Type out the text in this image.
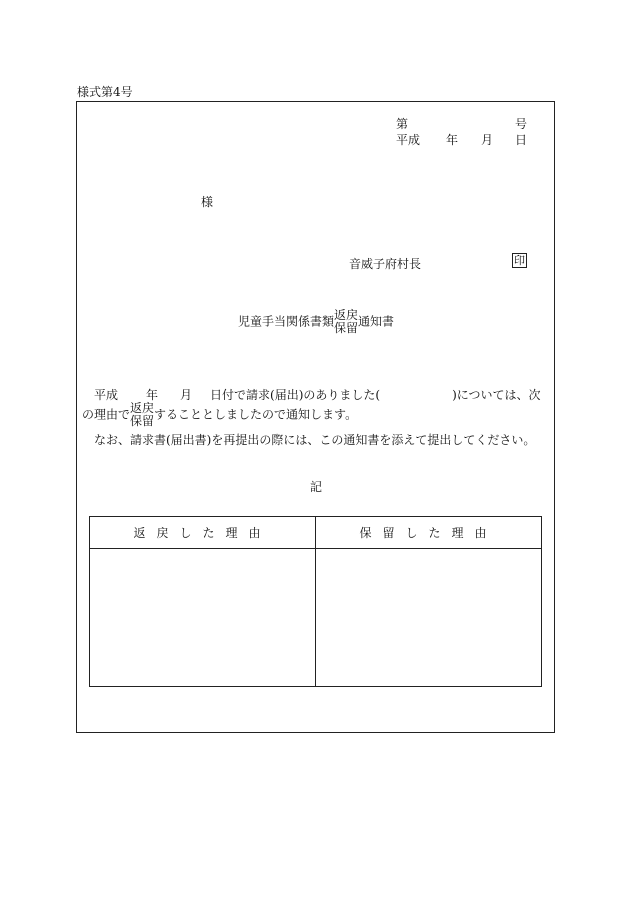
様式第4号
第	号
平成 年 月 日
様
音威子府村長	印
児童手当関係書類 返戻
保留 通知書
平成 年 月 日付で請求(届出)のありました(	)については、次
の理由で 返戻
保留 することとしましたので通知します。
なお、請求書(届出書)を再提出の際には、この通知書を添えて提出してください。
記
返戻した理由	保留した理由
